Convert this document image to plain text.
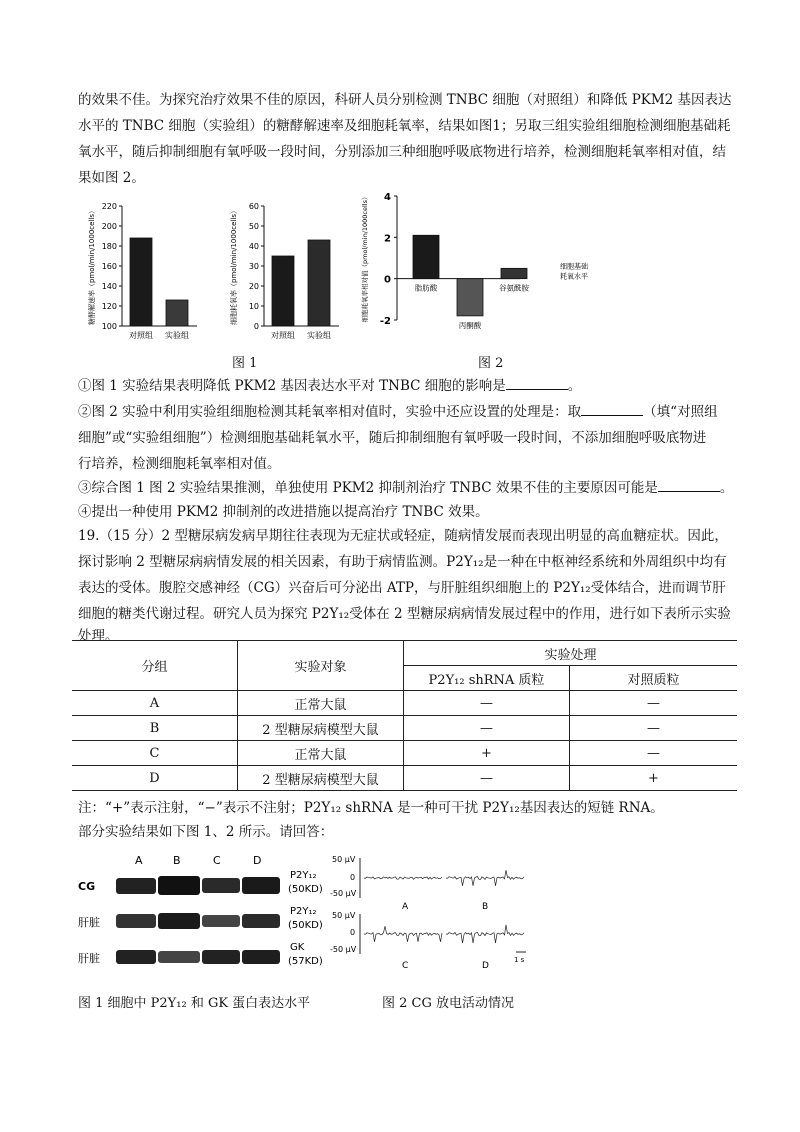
的效果不佳。为探究治疗效果不佳的原因，科研人员分别检测 TNBC 细胞（对照组）和降低 PKM2 基因表达
水平的 TNBC 细胞（实验组）的糖酵解速率及细胞耗氧率，结果如图1；另取三组实验组细胞检测细胞基础耗
氧水平，随后抑制细胞有氧呼吸一段时间，分别添加三种细胞呼吸底物进行培养，检测细胞耗氧率相对值，结
果如图 2。
100
120
140
160
180
200
220
糖酵解速率（pmol/min/1000cells）
对照组 实验组
0
10
20
30
40
50
60
细胞耗氧率（pmol/min/1000cells）
对照组 实验组
-2
0
2
4
细胞耗氧率相对值（pmol/min/1000cells）	脂肪酸
丙酮酸
谷氨酰胺
细胞基础
耗氧水平
图 1	图 2
①图 1 实验结果表明降低 PKM2 基因表达水平对 TNBC 细胞的影响是	。
②图 2 实验中利用实验组细胞检测其耗氧率相对值时，实验中还应设置的处理是：取	（填“对照组
细胞”或“实验组细胞”）检测细胞基础耗氧水平，随后抑制细胞有氧呼吸一段时间，不添加细胞呼吸底物进
行培养，检测细胞耗氧率相对值。
③综合图 1 图 2 实验结果推测，单独使用 PKM2 抑制剂治疗 TNBC 效果不佳的主要原因可能是	。
④提出一种使用 PKM2 抑制剂的改进措施以提高治疗 TNBC 效果。
19.（15 分）2 型糖尿病发病早期往往表现为无症状或轻症，随病情发展而表现出明显的高血糖症状。因此，
探讨影响 2 型糖尿病病情发展的相关因素，有助于病情监测。P2Y₁₂是一种在中枢神经系统和外周组织中均有
表达的受体。腹腔交感神经（CG）兴奋后可分泌出 ATP，与肝脏组织细胞上的 P2Y₁₂受体结合，进而调节肝
细胞的糖类代谢过程。研究人员为探究 P2Y₁₂受体在 2 型糖尿病病情发展过程中的作用，进行如下表所示实验
处理。
分组	实验对象	实验处理	
		P2Y₁₂ shRNA 质粒	对照质粒
A	正常大鼠	—	—
B	2 型糖尿病模型大鼠	—	—
C	正常大鼠	+	—
D	2 型糖尿病模型大鼠	—	+
注：“+”表示注射，“−”表示不注射；P2Y₁₂ shRNA 是一种可干扰 P2Y₁₂基因表达的短链 RNA。
部分实验结果如下图 1、2 所示。请回答：
A	B	C	D
CG
P2Y₁₂
(50KD)
肝脏
P2Y₁₂
(50KD)
肝脏
GK
(57KD)
50 μV
0
-50 μV
50 μV
0
-50 μV
A	B
C	D
1 s
图 1 细胞中 P2Y₁₂ 和 GK 蛋白表达水平	图 2 CG 放电活动情况
